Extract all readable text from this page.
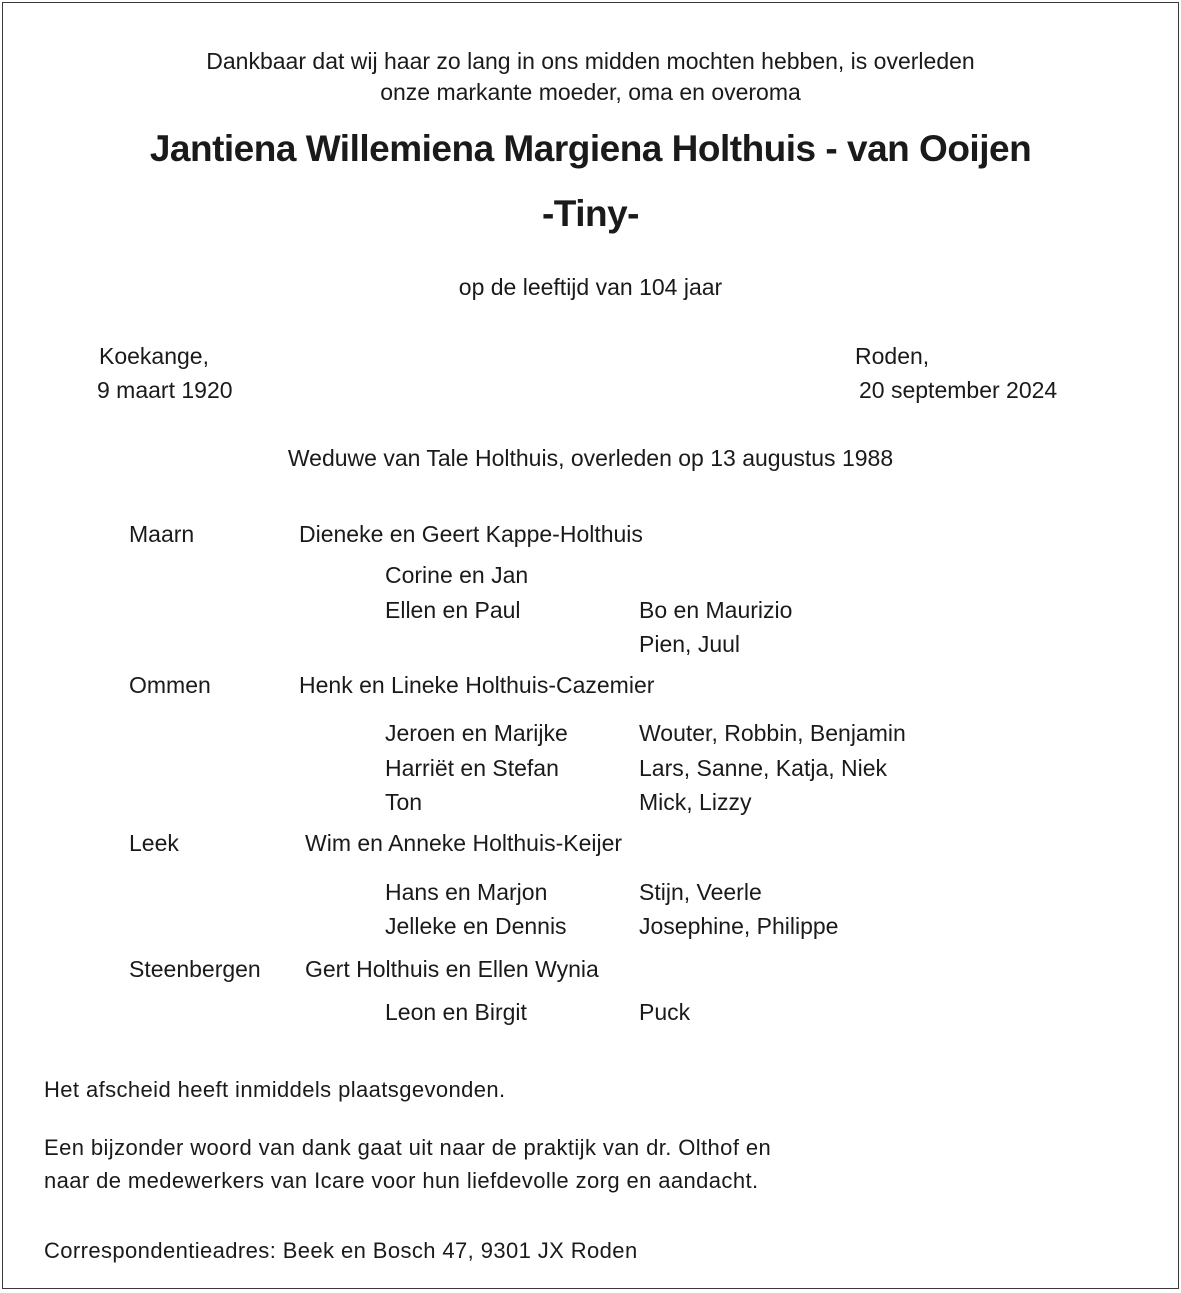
Dankbaar dat wij haar zo lang in ons midden mochten hebben, is overleden
onze markante moeder, oma en overoma
Jantiena Willemiena Margiena Holthuis - van Ooijen
-Tiny-
op de leeftijd van 104 jaar
Koekange,
9 maart 1920
Roden,
20 september 2024
Weduwe van Tale Holthuis, overleden op 13 augustus 1988
Maarn	Dieneke en Geert Kappe-Holthuis
Corine en Jan
Ellen en Paul	Bo en Maurizio
Pien, Juul
Ommen	Henk en Lineke Holthuis-Cazemier
Jeroen en Marijke	Wouter, Robbin, Benjamin
Harriët en Stefan	Lars, Sanne, Katja, Niek
Ton	Mick, Lizzy
Leek	Wim en Anneke Holthuis-Keijer
Hans en Marjon	Stijn, Veerle
Jelleke en Dennis	Josephine, Philippe
Steenbergen Gert Holthuis en Ellen Wynia
Leon en Birgit	Puck
Het afscheid heeft inmiddels plaatsgevonden.
Een bijzonder woord van dank gaat uit naar de praktijk van dr. Olthof en
naar de medewerkers van Icare voor hun liefdevolle zorg en aandacht.
Correspondentieadres: Beek en Bosch 47, 9301 JX Roden
